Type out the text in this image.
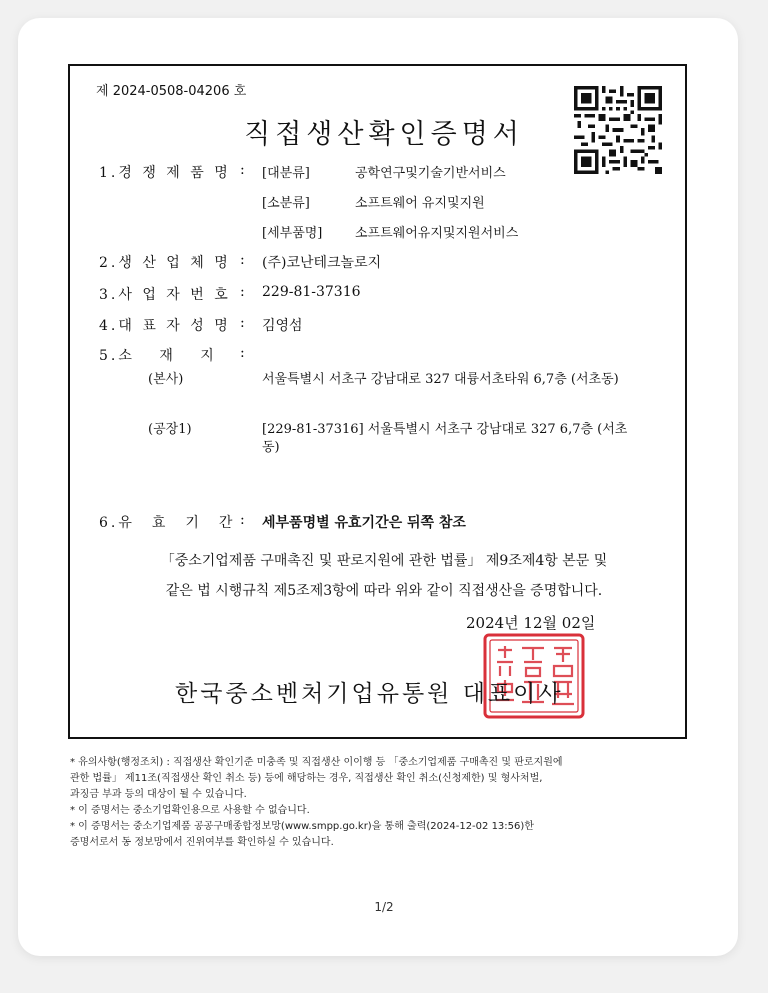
제 2024-0508-04206 호
직접생산확인증명서
1.경 쟁 제 품 명 : [대분류]	공학연구및기술기반서비스
[소분류]	소프트웨어 유지및지원
[세부품명]	소프트웨어유지및지원서비스
2.생 산 업 체 명 : (주)코난테크놀로지
3.사 업 자 번 호 : 229-81-37316
4.대 표 자 성 명 : 김영섬
5.소　 재　 지 :
(본사)	서울특별시 서초구 강남대로 327 대륭서초타워 6,7층 (서초동)
(공장1)	[229-81-37316] 서울특별시 서초구 강남대로 327 6,7층 (서초
동)
6.유　효　기　간 : 세부품명별 유효기간은 뒤쪽 참조
「중소기업제품 구매촉진 및 판로지원에 관한 법률」 제9조제4항 본문 및
같은 법 시행규칙 제5조제3항에 따라 위와 같이 직접생산을 증명합니다.
2024년 12월 02일
한국중소벤처기업유통원 대표이사
* 유의사항(행정조치) : 직접생산 확인기준 미충족 및 직접생산 이이행 등 「중소기업제품 구매촉진 및 판로지원에
관한 법률」 제11조(직접생산 확인 취소 등) 등에 해당하는 경우, 직접생산 확인 취소(신청제한) 및 형사처벌,
과징금 부과 등의 대상이 될 수 있습니다.
* 이 증명서는 중소기업확인용으로 사용할 수 없습니다.
* 이 증명서는 중소기업제품 공공구매종합정보망(www.smpp.go.kr)을 통해 출력(2024-12-02 13:56)한
증명서로서 동 정보망에서 진위여부를 확인하실 수 있습니다.
1/2
